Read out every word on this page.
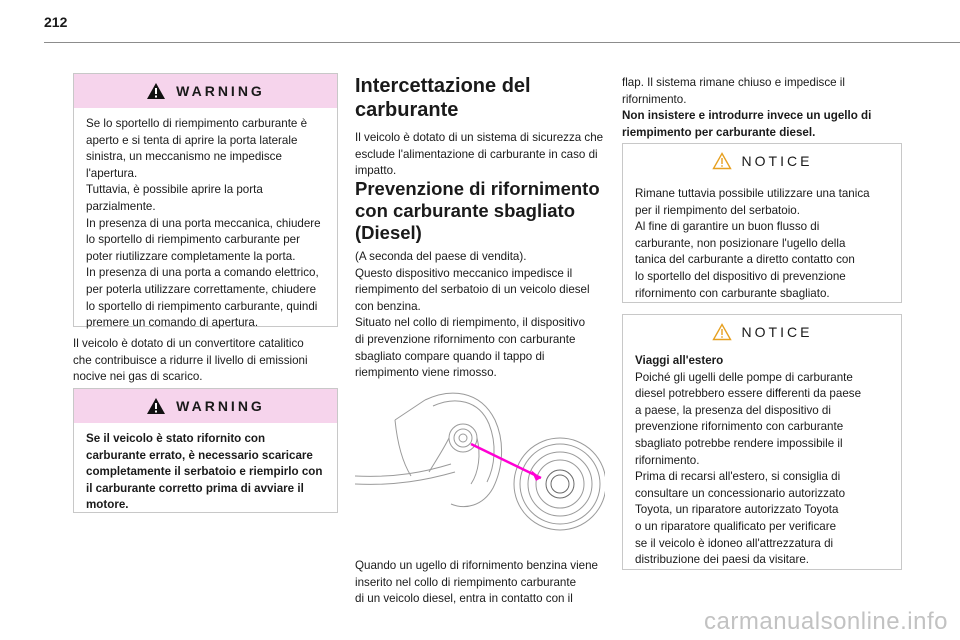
212
WARNING

Se lo sportello di riempimento carburante è

aperto e si tenta di aprire la porta laterale

sinistra, un meccanismo ne impedisce

l'apertura.

Tuttavia, è possibile aprire la porta

parzialmente.

In presenza di una porta meccanica, chiudere

lo sportello di riempimento carburante per

poter riutilizzare completamente la porta.

In presenza di una porta a comando elettrico,

per poterla utilizzare correttamente, chiudere

lo sportello di riempimento carburante, quindi

premere un comando di apertura.

Il veicolo è dotato di un convertitore catalitico

che contribuisce a ridurre il livello di emissioni

nocive nei gas di scarico.

WARNING

Se il veicolo è stato rifornito con

carburante errato, è necessario scaricare

completamente il serbatoio e riempirlo con

il carburante corretto prima di avviare il

motore.

Intercettazione del
carburante

Il veicolo è dotato di un sistema di sicurezza che

esclude l'alimentazione di carburante in caso di

impatto.

Prevenzione di rifornimento
con carburante sbagliato
(Diesel)

(A seconda del paese di vendita).

Questo dispositivo meccanico impedisce il

riempimento del serbatoio di un veicolo diesel

con benzina.

Situato nel collo di riempimento, il dispositivo

di prevenzione rifornimento con carburante

sbagliato compare quando il tappo di

riempimento viene rimosso.

Quando un ugello di rifornimento benzina viene

inserito nel collo di riempimento carburante

di un veicolo diesel, entra in contatto con il

flap. Il sistema rimane chiuso e impedisce il

rifornimento.

Non insistere e introdurre invece un ugello di

riempimento per carburante diesel.

NOTICE

Rimane tuttavia possibile utilizzare una tanica

per il riempimento del serbatoio.

Al fine di garantire un buon flusso di

carburante, non posizionare l'ugello della

tanica del carburante a diretto contatto con

lo sportello del dispositivo di prevenzione

rifornimento con carburante sbagliato.

NOTICE

Viaggi all'estero

Poiché gli ugelli delle pompe di carburante

diesel potrebbero essere differenti da paese

a paese, la presenza del dispositivo di

prevenzione rifornimento con carburante

sbagliato potrebbe rendere impossibile il

rifornimento.

Prima di recarsi all'estero, si consiglia di

consultare un concessionario autorizzato

Toyota, un riparatore autorizzato Toyota

o un riparatore qualificato per verificare

se il veicolo è idoneo all'attrezzatura di

distribuzione dei paesi da visitare.

carmanualsonline.info
